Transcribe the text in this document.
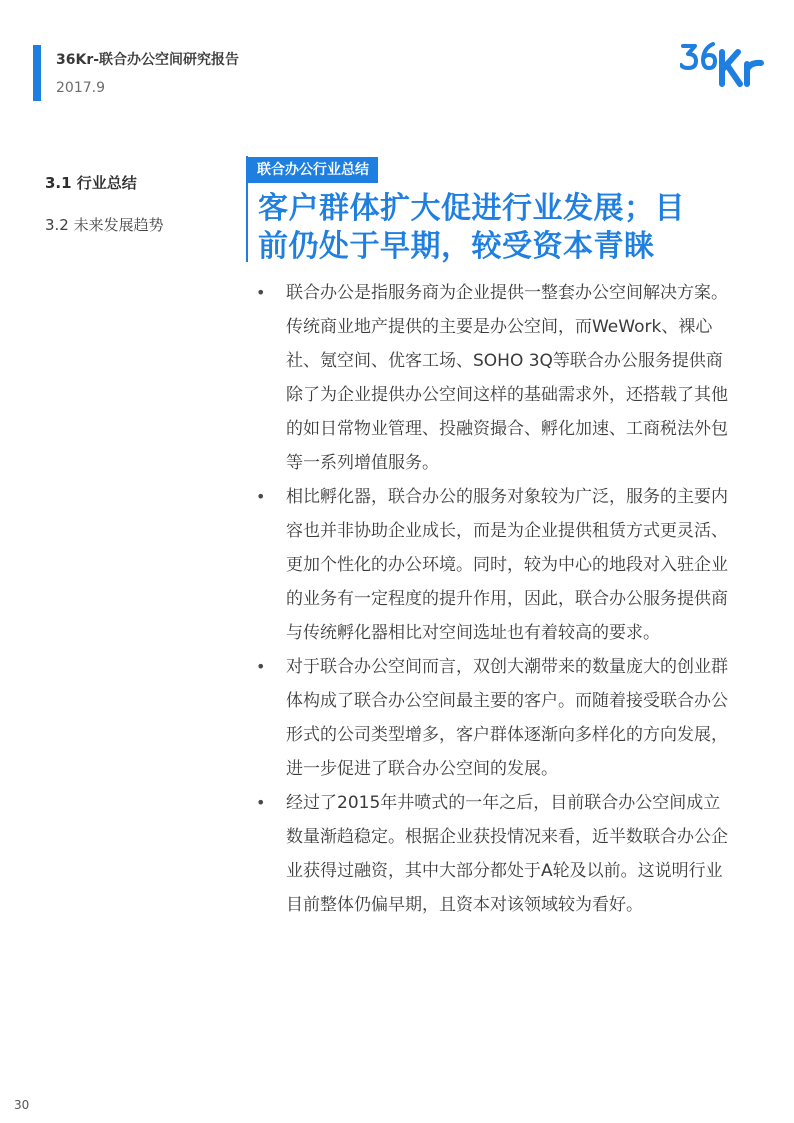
36Kr-联合办公空间研究报告
2017.9
3.1 行业总结
3.2 未来发展趋势
联合办公行业总结
客户群体扩大促进行业发展；目
前仍处于早期，较受资本青睐
• 联合办公是指服务商为企业提供一整套办公空间解决方案。传统商业地产提供的主要是办公空间，而WeWork、裸心社、氪空间、优客工场、SOHO 3Q等联合办公服务提供商除了为企业提供办公空间这样的基础需求外，还搭载了其他的如日常物业管理、投融资撮合、孵化加速、工商税法外包等一系列增值服务。
• 相比孵化器，联合办公的服务对象较为广泛，服务的主要内容也并非协助企业成长，而是为企业提供租赁方式更灵活、更加个性化的办公环境。同时，较为中心的地段对入驻企业的业务有一定程度的提升作用，因此，联合办公服务提供商与传统孵化器相比对空间选址也有着较高的要求。
• 对于联合办公空间而言，双创大潮带来的数量庞大的创业群体构成了联合办公空间最主要的客户。而随着接受联合办公形式的公司类型增多，客户群体逐渐向多样化的方向发展，进一步促进了联合办公空间的发展。
• 经过了2015年井喷式的一年之后，目前联合办公空间成立数量渐趋稳定。根据企业获投情况来看，近半数联合办公企业获得过融资，其中大部分都处于A轮及以前。这说明行业目前整体仍偏早期，且资本对该领域较为看好。
30
